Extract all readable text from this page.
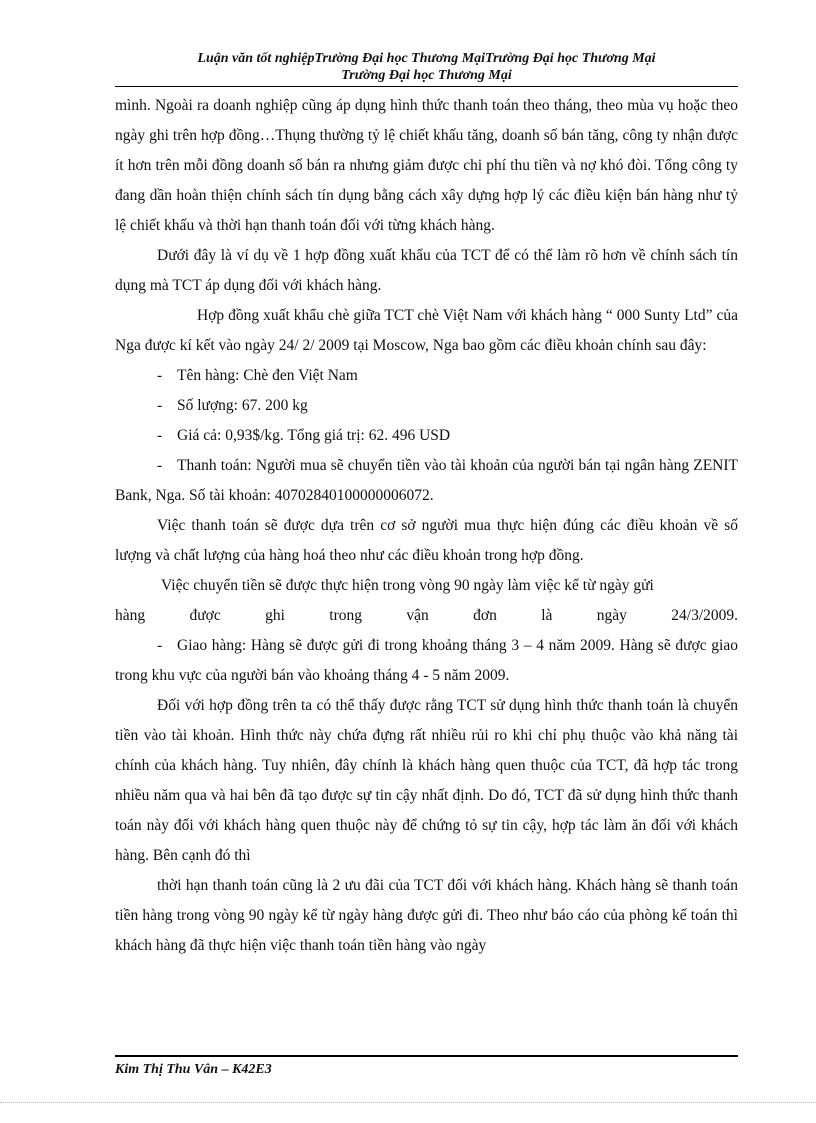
Luận văn tốt nghiệpTrường Đại học Thương MạiTrường Đại học Thương Mại
Trường Đại học Thương Mại

mình. Ngoài ra doanh nghiệp cũng áp dụng hình thức thanh toán theo tháng, theo mùa vụ hoặc theo ngày ghi trên hợp đồng…Thụng thường tỷ lệ chiết khấu tăng, doanh số bán tăng, công ty nhận được ít hơn trên mỗi đồng doanh số bán ra nhưng giảm được chi phí thu tiền và nợ khó đòi. Tổng công ty đang dần hoàn thiện chính sách tín dụng bằng cách xây dựng hợp lý các điều kiện bán hàng như tỷ lệ chiết khấu và thời hạn thanh toán đối với từng khách hàng.

Dưới đây là ví dụ về 1 hợp đồng xuất khẩu của TCT để có thể làm rõ hơn về chính sách tín dụng mà TCT áp dụng đối với khách hàng.

Hợp đồng xuất khẩu chè giữa TCT chè Việt Nam với khách hàng “ 000 Sunty Ltd” của Nga được kí kết vào ngày 24/ 2/ 2009 tại Moscow, Nga bao gồm các điều khoản chính sau đây:

- Tên hàng: Chè đen Việt Nam

- Số lượng: 67. 200 kg

- Giá cả: 0,93$/kg. Tổng giá trị: 62. 496 USD

- Thanh toán: Người mua sẽ chuyển tiền vào tài khoản của người bán tại ngân hàng ZENIT Bank, Nga. Số tài khoản: 40702840100000006072.

Việc thanh toán sẽ được dựa trên cơ sở người mua thực hiện đúng các điều khoản về số lượng và chất lượng của hàng hoá theo như các điều khoản trong hợp đồng.

Việc chuyển tiền sẽ được thực hiện trong vòng 90 ngày làm việc kể từ ngày gửi

hàng được ghi trong vận đơn là ngày 24/3/2009.

- Giao hàng: Hàng sẽ được gửi đi trong khoảng tháng 3 – 4 năm 2009. Hàng sẽ được giao trong khu vực của người bán vào khoảng tháng 4 - 5 năm 2009.

Đối với hợp đồng trên ta có thể thấy được rằng TCT sử dụng hình thức thanh toán là chuyển tiền vào tài khoản. Hình thức này chứa đựng rất nhiều rủi ro khi chỉ phụ thuộc vào khả năng tài chính của khách hàng. Tuy nhiên, đây chính là khách hàng quen thuộc của TCT, đã hợp tác trong nhiều năm qua và hai bên đã tạo được sự tin cậy nhất định. Do đó, TCT đã sử dụng hình thức thanh toán này đối với khách hàng quen thuộc này để chứng tỏ sự tin cậy, hợp tác làm ăn đối với khách hàng. Bên cạnh đó thì

thời hạn thanh toán cũng là 2 ưu đãi của TCT đối với khách hàng. Khách hàng sẽ thanh toán tiền hàng trong vòng 90 ngày kể từ ngày hàng được gửi đi. Theo như báo cáo của phòng kế toán thì khách hàng đã thực hiện việc thanh toán tiền hàng vào ngày

Kim Thị Thu Vân – K42E3
